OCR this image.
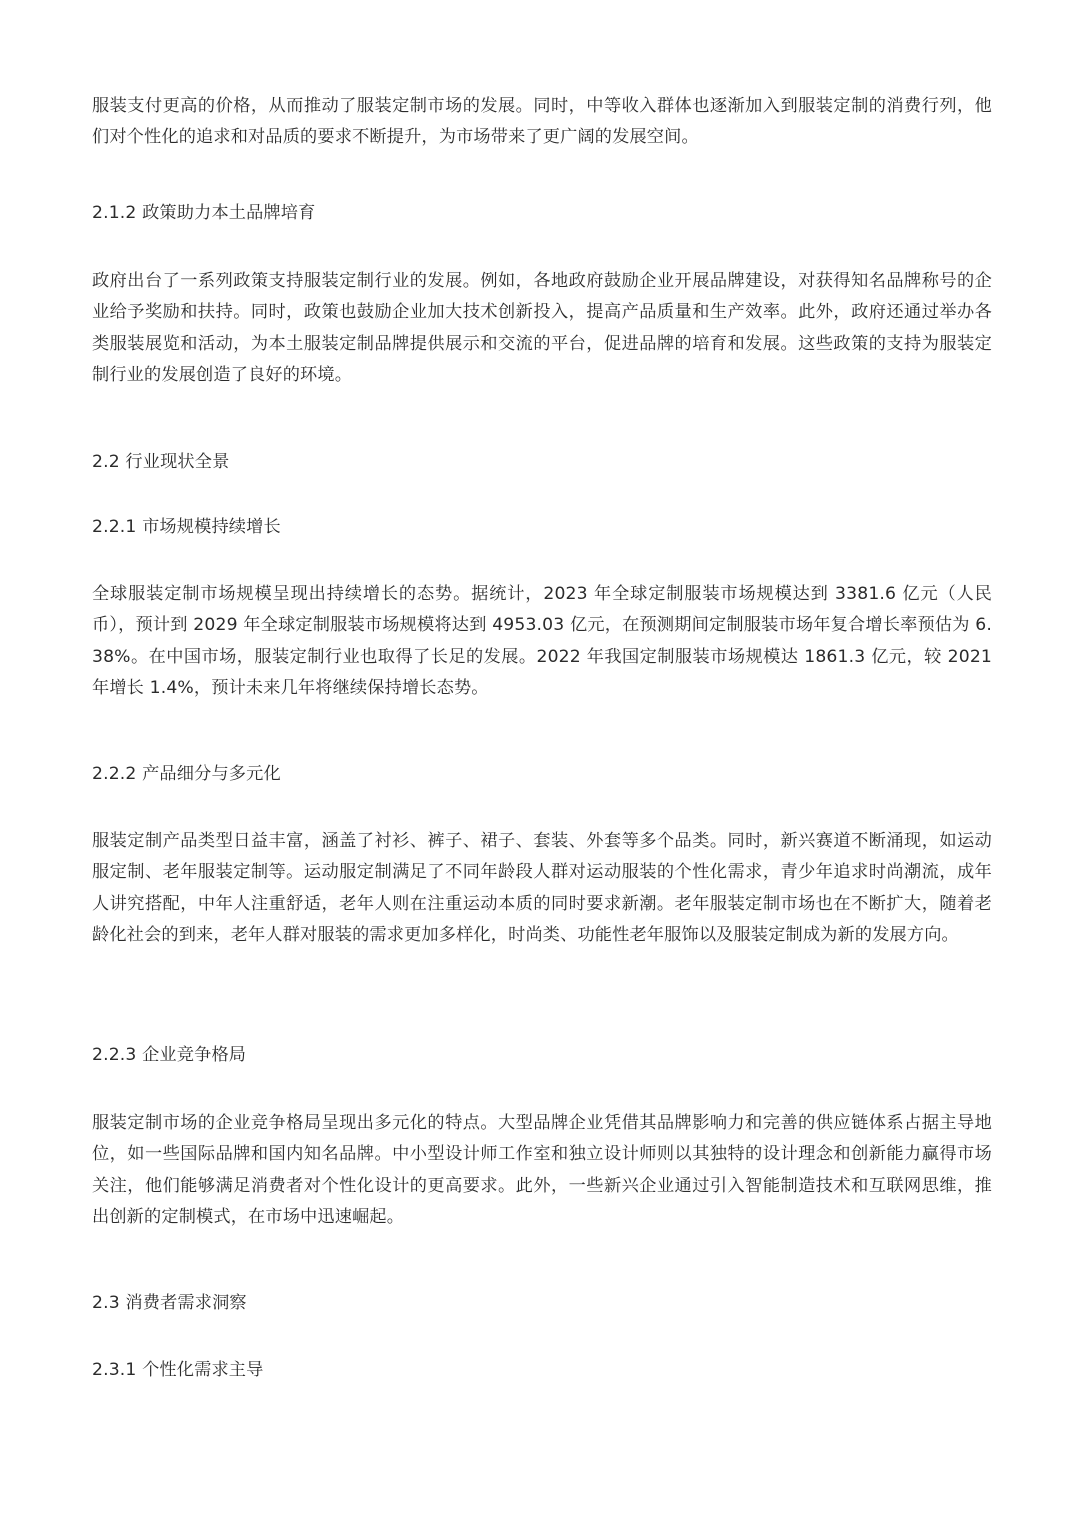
服装支付更高的价格，从而推动了服装定制市场的发展。同时，中等收入群体也逐渐加入到服装定制的消费行列，他们对个性化的追求和对品质的要求不断提升，为市场带来了更广阔的发展空间。

2.1.2 政策助力本土品牌培育

政府出台了一系列政策支持服装定制行业的发展。例如，各地政府鼓励企业开展品牌建设，对获得知名品牌称号的企业给予奖励和扶持。同时，政策也鼓励企业加大技术创新投入，提高产品质量和生产效率。此外，政府还通过举办各类服装展览和活动，为本土服装定制品牌提供展示和交流的平台，促进品牌的培育和发展。这些政策的支持为服装定制行业的发展创造了良好的环境。

2.2 行业现状全景
2.2.1 市场规模持续增长

全球服装定制市场规模呈现出持续增长的态势。据统计，2023 年全球定制服装市场规模达到 3381.6 亿元（人民币），预计到 2029 年全球定制服装市场规模将达到 4953.03 亿元，在预测期间定制服装市场年复合增长率预估为 6.38%。在中国市场，服装定制行业也取得了长足的发展。2022 年我国定制服装市场规模达 1861.3 亿元，较 2021 年增长 1.4%，预计未来几年将继续保持增长态势。

2.2.2 产品细分与多元化

服装定制产品类型日益丰富，涵盖了衬衫、裤子、裙子、套装、外套等多个品类。同时，新兴赛道不断涌现，如运动服定制、老年服装定制等。运动服定制满足了不同年龄段人群对运动服装的个性化需求，青少年追求时尚潮流，成年人讲究搭配，中年人注重舒适，老年人则在注重运动本质的同时要求新潮。老年服装定制市场也在不断扩大，随着老龄化社会的到来，老年人群对服装的需求更加多样化，时尚类、功能性老年服饰以及服装定制成为新的发展方向。

2.2.3 企业竞争格局

服装定制市场的企业竞争格局呈现出多元化的特点。大型品牌企业凭借其品牌影响力和完善的供应链体系占据主导地位，如一些国际品牌和国内知名品牌。中小型设计师工作室和独立设计师则以其独特的设计理念和创新能力赢得市场关注，他们能够满足消费者对个性化设计的更高要求。此外，一些新兴企业通过引入智能制造技术和互联网思维，推出创新的定制模式，在市场中迅速崛起。

2.3 消费者需求洞察
2.3.1 个性化需求主导
